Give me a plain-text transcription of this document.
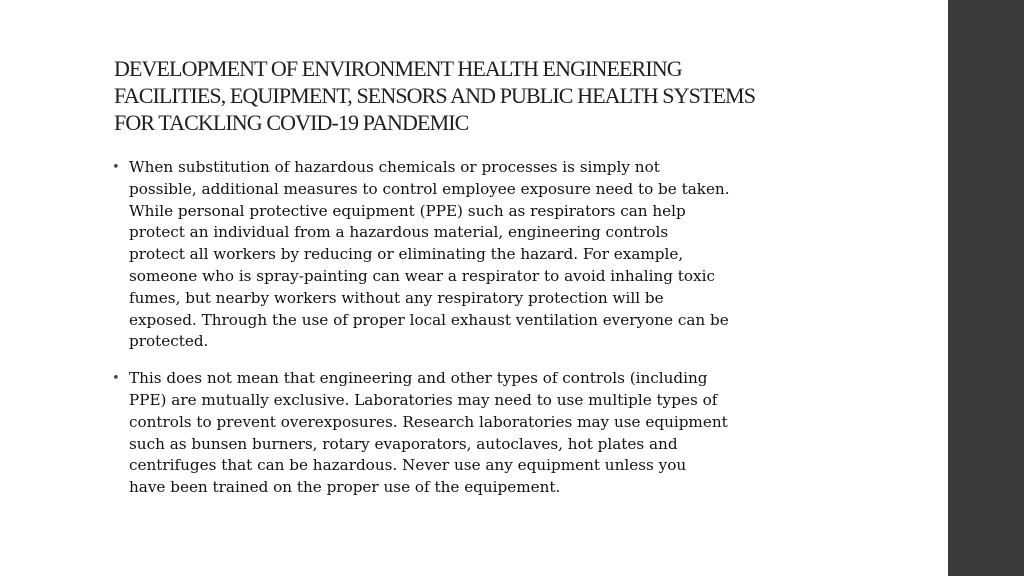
DEVELOPMENT OF ENVIRONMENT HEALTH ENGINEERING
FACILITIES, EQUIPMENT, SENSORS AND PUBLIC HEALTH SYSTEMS
FOR TACKLING COVID-19 PANDEMIC
• When substitution of hazardous chemicals or processes is simply not
possible, additional measures to control employee exposure need to be taken.
While personal protective equipment (PPE) such as respirators can help
protect an individual from a hazardous material, engineering controls
protect all workers by reducing or eliminating the hazard. For example,
someone who is spray-painting can wear a respirator to avoid inhaling toxic
fumes, but nearby workers without any respiratory protection will be
exposed. Through the use of proper local exhaust ventilation everyone can be
protected.
• This does not mean that engineering and other types of controls (including
PPE) are mutually exclusive. Laboratories may need to use multiple types of
controls to prevent overexposures. Research laboratories may use equipment
such as bunsen burners, rotary evaporators, autoclaves, hot plates and
centrifuges that can be hazardous. Never use any equipment unless you
have been trained on the proper use of the equipement.
